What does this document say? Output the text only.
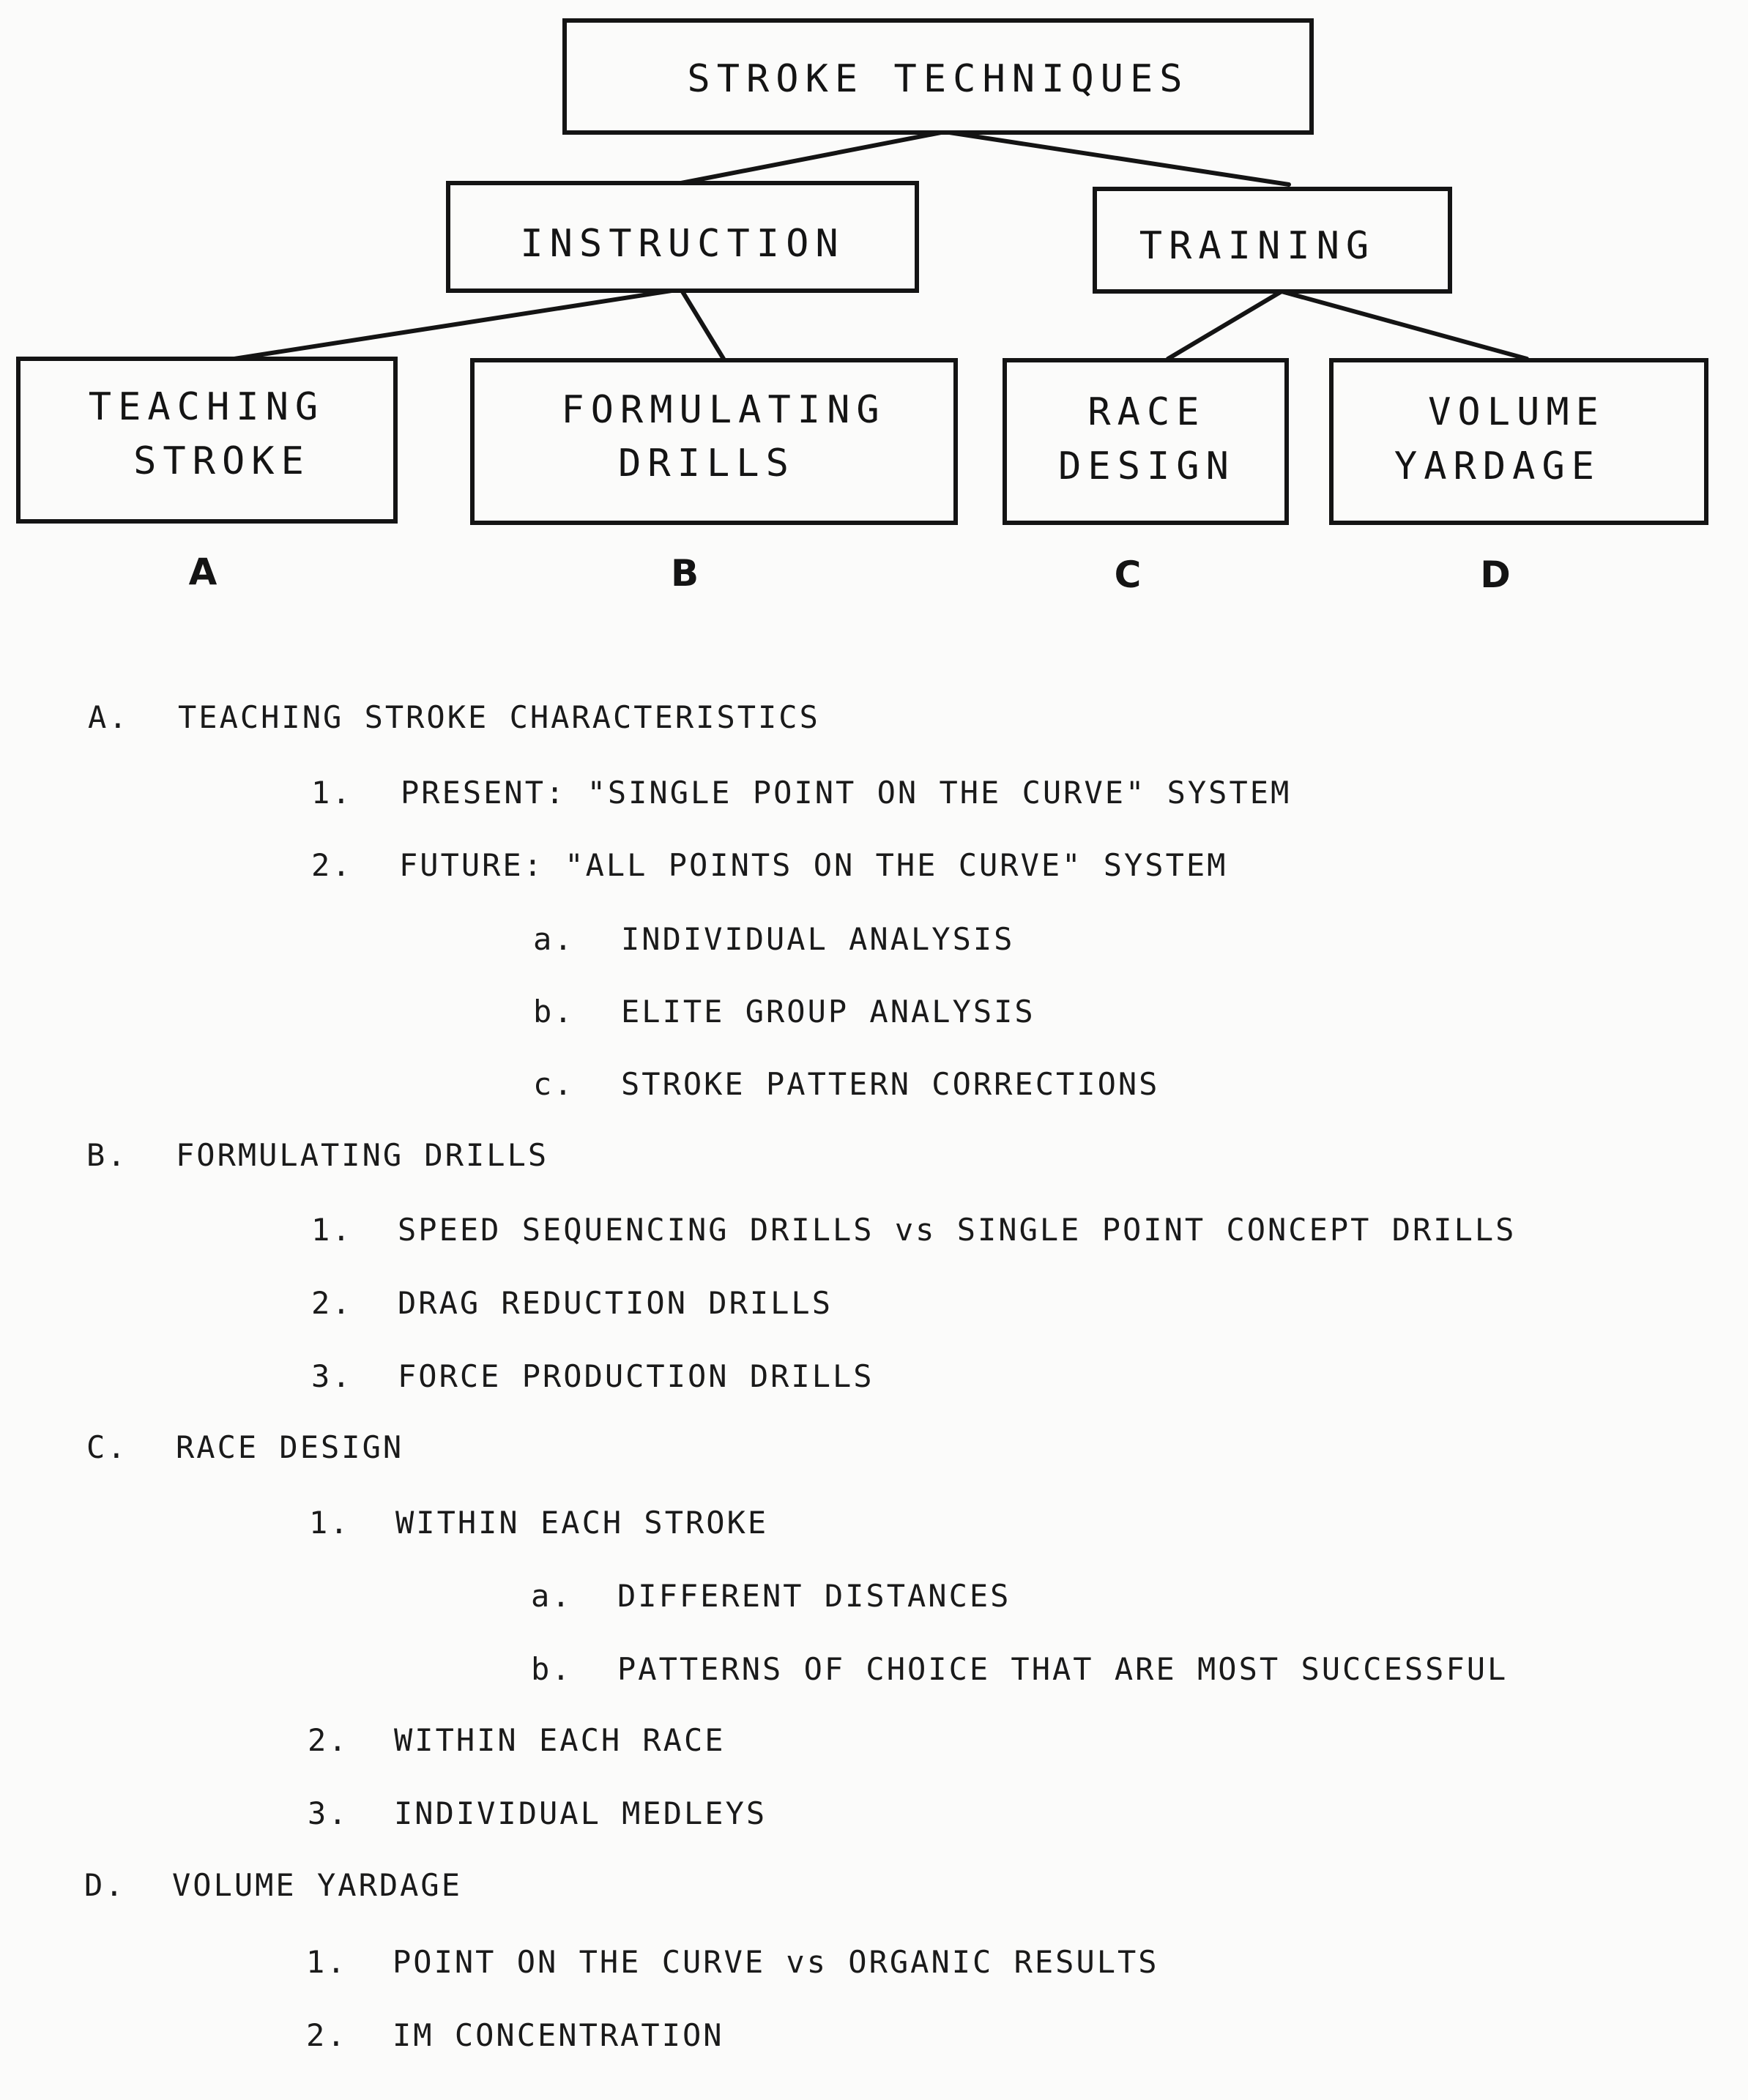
STROKE TECHNIQUES
INSTRUCTION	TRAINING
TEACHING
STROKE
FORMULATING
DRILLS
RACE
DESIGN
VOLUME
YARDAGE
A	B	C	D
A. TEACHING STROKE CHARACTERISTICS
1. PRESENT: "SINGLE POINT ON THE CURVE" SYSTEM
2. FUTURE: "ALL POINTS ON THE CURVE" SYSTEM
a. INDIVIDUAL ANALYSIS
b. ELITE GROUP ANALYSIS
c. STROKE PATTERN CORRECTIONS
B. FORMULATING DRILLS
1. SPEED SEQUENCING DRILLS vs SINGLE POINT CONCEPT DRILLS
2. DRAG REDUCTION DRILLS
3. FORCE PRODUCTION DRILLS
C. RACE DESIGN
1. WITHIN EACH STROKE
a. DIFFERENT DISTANCES
b. PATTERNS OF CHOICE THAT ARE MOST SUCCESSFUL
2. WITHIN EACH RACE
3. INDIVIDUAL MEDLEYS
D. VOLUME YARDAGE
1. POINT ON THE CURVE vs ORGANIC RESULTS
2. IM CONCENTRATION
